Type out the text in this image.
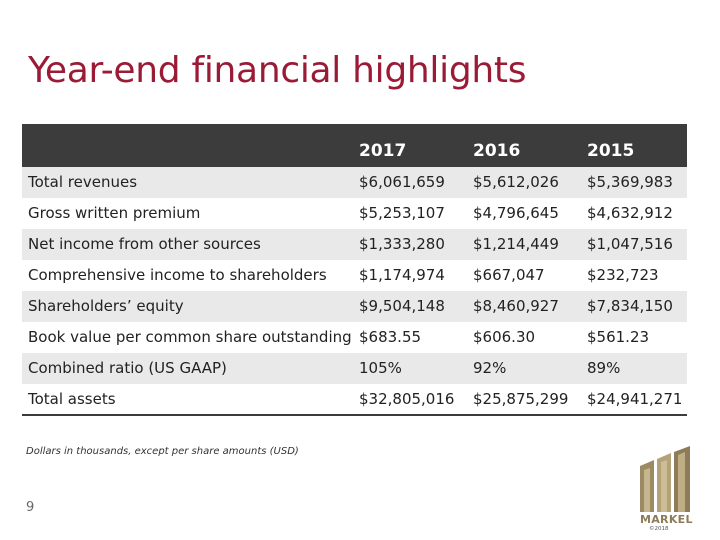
Year-end financial highlights
	2017	2016	2015
Total revenues	$6,061,659	$5,612,026	$5,369,983
Gross written premium	$5,253,107	$4,796,645	$4,632,912
Net income from other sources	$1,333,280	$1,214,449	$1,047,516
Comprehensive income to shareholders	$1,174,974	$667,047	$232,723
Shareholders’ equity	$9,504,148	$8,460,927	$7,834,150
Book value per common share outstanding	$683.55	$606.30	$561.23
Combined ratio (US GAAP)	105%	92%	89%
Total assets	$32,805,016	$25,875,299	$24,941,271
Dollars in thousands, except per share amounts (USD)
9
MARKEL
©2018
